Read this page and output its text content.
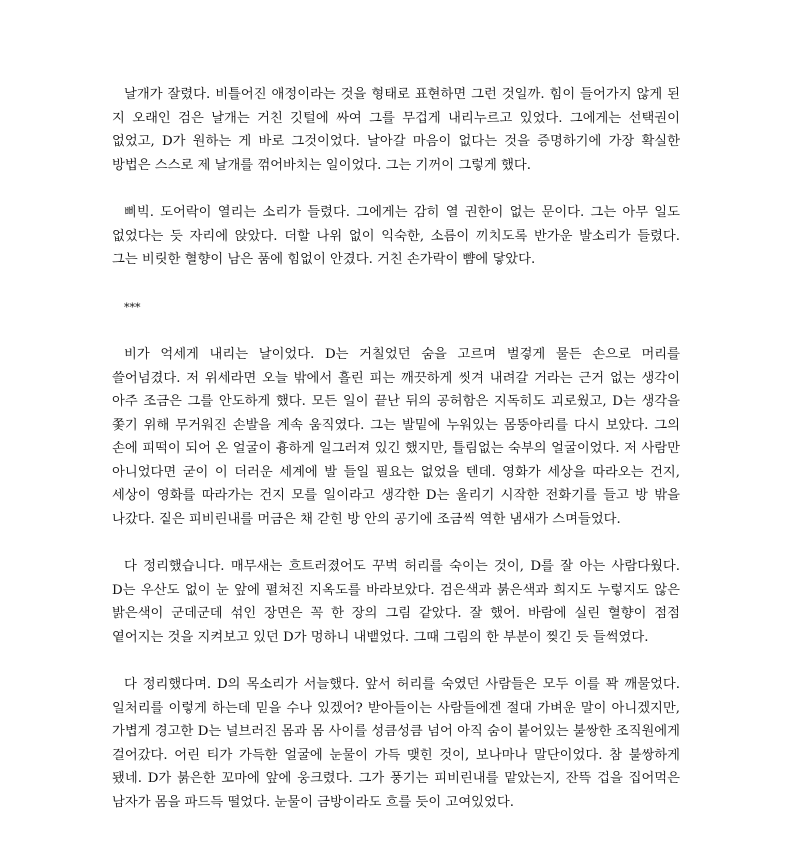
날개가 잘렸다. 비틀어진 애정이라는 것을 형태로 표현하면 그런 것일까. 힘이 들어가지 않게 된 지 오래인 검은 날개는 거친 깃털에 싸여 그를 무겁게 내리누르고 있었다. 그에게는 선택권이 없었고, D가 원하는 게 바로 그것이었다. 날아갈 마음이 없다는 것을 증명하기에 가장 확실한 방법은 스스로 제 날개를 꺾어바치는 일이었다. 그는 기꺼이 그렇게 했다.

삐빅. 도어락이 열리는 소리가 들렸다. 그에게는 감히 열 권한이 없는 문이다. 그는 아무 일도 없었다는 듯 자리에 앉았다. 더할 나위 없이 익숙한, 소름이 끼치도록 반가운 발소리가 들렸다. 그는 비릿한 혈향이 남은 품에 힘없이 안겼다. 거친 손가락이 뺨에 닿았다.

***

비가 억세게 내리는 날이었다. D는 거칠었던 숨을 고르며 벌겋게 물든 손으로 머리를 쓸어넘겼다. 저 위세라면 오늘 밖에서 흘린 피는 깨끗하게 씻겨 내려갈 거라는 근거 없는 생각이 아주 조금은 그를 안도하게 했다. 모든 일이 끝난 뒤의 공허함은 지독히도 괴로웠고, D는 생각을 쫓기 위해 무거워진 손발을 계속 움직였다. 그는 발밑에 누워있는 몸뚱아리를 다시 보았다. 그의 손에 피떡이 되어 온 얼굴이 흉하게 일그러져 있긴 했지만, 틀림없는 숙부의 얼굴이었다. 저 사람만 아니었다면 굳이 이 더러운 세계에 발 들일 필요는 없었을 텐데. 영화가 세상을 따라오는 건지, 세상이 영화를 따라가는 건지 모를 일이라고 생각한 D는 울리기 시작한 전화기를 들고 방 밖을 나갔다. 짙은 피비린내를 머금은 채 갇힌 방 안의 공기에 조금씩 역한 냄새가 스며들었다.

다 정리했습니다. 매무새는 흐트러졌어도 꾸벅 허리를 숙이는 것이, D를 잘 아는 사람다웠다. D는 우산도 없이 눈 앞에 펼쳐진 지옥도를 바라보았다. 검은색과 붉은색과 희지도 누렇지도 않은 밝은색이 군데군데 섞인 장면은 꼭 한 장의 그림 같았다. 잘 했어. 바람에 실린 혈향이 점점 옅어지는 것을 지켜보고 있던 D가 멍하니 내뱉었다. 그때 그림의 한 부분이 찢긴 듯 들썩였다.

다 정리했다며. D의 목소리가 서늘했다. 앞서 허리를 숙였던 사람들은 모두 이를 꽉 깨물었다. 일처리를 이렇게 하는데 믿을 수나 있겠어? 받아들이는 사람들에겐 절대 가벼운 말이 아니겠지만, 가볍게 경고한 D는 널브러진 몸과 몸 사이를 성큼성큼 넘어 아직 숨이 붙어있는 불쌍한 조직원에게 걸어갔다. 어린 티가 가득한 얼굴에 눈물이 가득 맺힌 것이, 보나마나 말단이었다. 참 불쌍하게 됐네. D가 붉은한 꼬마에 앞에 웅크렸다. 그가 풍기는 피비린내를 맡았는지, 잔뜩 겁을 집어먹은 남자가 몸을 파드득 떨었다. 눈물이 금방이라도 흐를 듯이 고여있었다.
